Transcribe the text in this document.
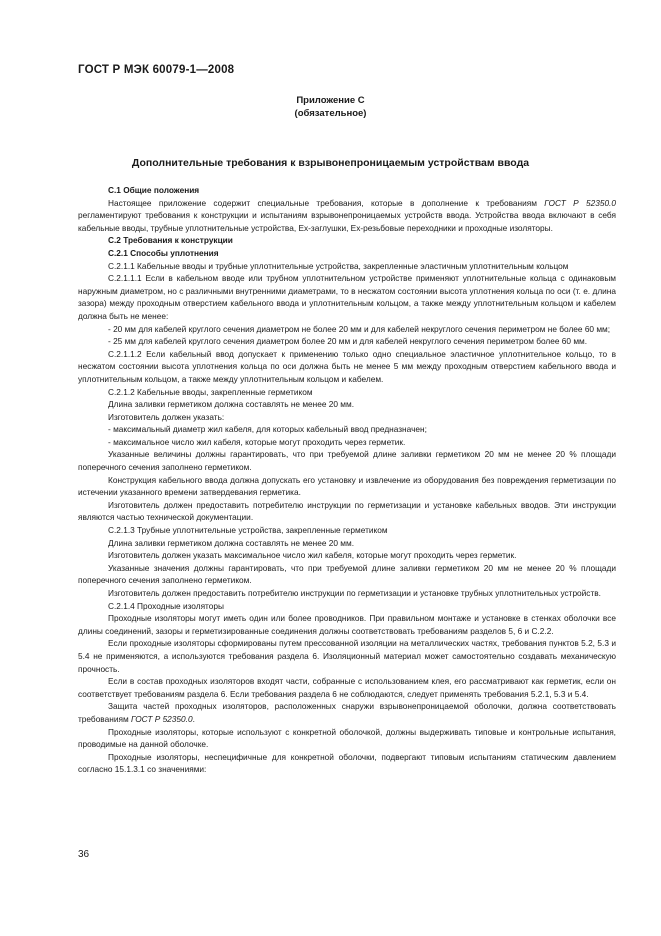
ГОСТ Р МЭК 60079-1—2008
Приложение С
(обязательное)
Дополнительные требования к взрывонепроницаемым устройствам ввода

С.1 Общие положения

Настоящее приложение содержит специальные требования, которые в дополнение к требованиям ГОСТ Р 52350.0 регламентируют требования к конструкции и испытаниям взрывонепроницаемых устройств ввода. Устройства ввода включают в себя кабельные вводы, трубные уплотнительные устройства, Ех-заглушки, Ех-резьбовые переходники и проходные изоляторы.

С.2 Требования к конструкции

С.2.1 Способы уплотнения

С.2.1.1 Кабельные вводы и трубные уплотнительные устройства, закрепленные эластичным уплотнительным кольцом

С.2.1.1.1 Если в кабельном вводе или трубном уплотнительном устройстве применяют уплотнительные кольца с одинаковым наружным диаметром, но с различными внутренними диаметрами, то в несжатом состоянии высота уплотнения кольца по оси (т. е. длина зазора) между проходным отверстием кабельного ввода и уплотнительным кольцом, а также между уплотнительным кольцом и кабелем должна быть не менее:

- 20 мм для кабелей круглого сечения диаметром не более 20 мм и для кабелей некруглого сечения периметром не более 60 мм;

- 25 мм для кабелей круглого сечения диаметром более 20 мм и для кабелей некруглого сечения периметром более 60 мм.

С.2.1.1.2 Если кабельный ввод допускает к применению только одно специальное эластичное уплотнительное кольцо, то в несжатом состоянии высота уплотнения кольца по оси должна быть не менее 5 мм между проходным отверстием кабельного ввода и уплотнительным кольцом, а также между уплотнительным кольцом и кабелем.

С.2.1.2 Кабельные вводы, закрепленные герметиком

Длина заливки герметиком должна составлять не менее 20 мм.

Изготовитель должен указать:

- максимальный диаметр жил кабеля, для которых кабельный ввод предназначен;

- максимальное число жил кабеля, которые могут проходить через герметик.

Указанные величины должны гарантировать, что при требуемой длине заливки герметиком 20 мм не менее 20 % площади поперечного сечения заполнено герметиком.

Конструкция кабельного ввода должна допускать его установку и извлечение из оборудования без повреждения герметизации по истечении указанного времени затвердевания герметика.

Изготовитель должен предоставить потребителю инструкции по герметизации и установке кабельных вводов. Эти инструкции являются частью технической документации.

С.2.1.3 Трубные уплотнительные устройства, закрепленные герметиком

Длина заливки герметиком должна составлять не менее 20 мм.

Изготовитель должен указать максимальное число жил кабеля, которые могут проходить через герметик.

Указанные значения должны гарантировать, что при требуемой длине заливки герметиком 20 мм не менее 20 % площади поперечного сечения заполнено герметиком.

Изготовитель должен предоставить потребителю инструкции по герметизации и установке трубных уплотнительных устройств.

С.2.1.4 Проходные изоляторы

Проходные изоляторы могут иметь один или более проводников. При правильном монтаже и установке в стенках оболочки все длины соединений, зазоры и герметизированные соединения должны соответствовать требованиям разделов 5, 6 и С.2.2.

Если проходные изоляторы сформированы путем прессованной изоляции на металлических частях, требования пунктов 5.2, 5.3 и 5.4 не применяются, а используются требования раздела 6. Изоляционный материал может самостоятельно создавать механическую прочность.

Если в состав проходных изоляторов входят части, собранные с использованием клея, его рассматривают как герметик, если он соответствует требованиям раздела 6. Если требования раздела 6 не соблюдаются, следует применять требования 5.2.1, 5.3 и 5.4.

Защита частей проходных изоляторов, расположенных снаружи взрывонепроницаемой оболочки, должна соответствовать требованиям ГОСТ Р 52350.0.

Проходные изоляторы, которые используют с конкретной оболочкой, должны выдерживать типовые и контрольные испытания, проводимые на данной оболочке.

Проходные изоляторы, неспецифичные для конкретной оболочки, подвергают типовым испытаниям статическим давлением согласно 15.1.3.1 со значениями:

36
